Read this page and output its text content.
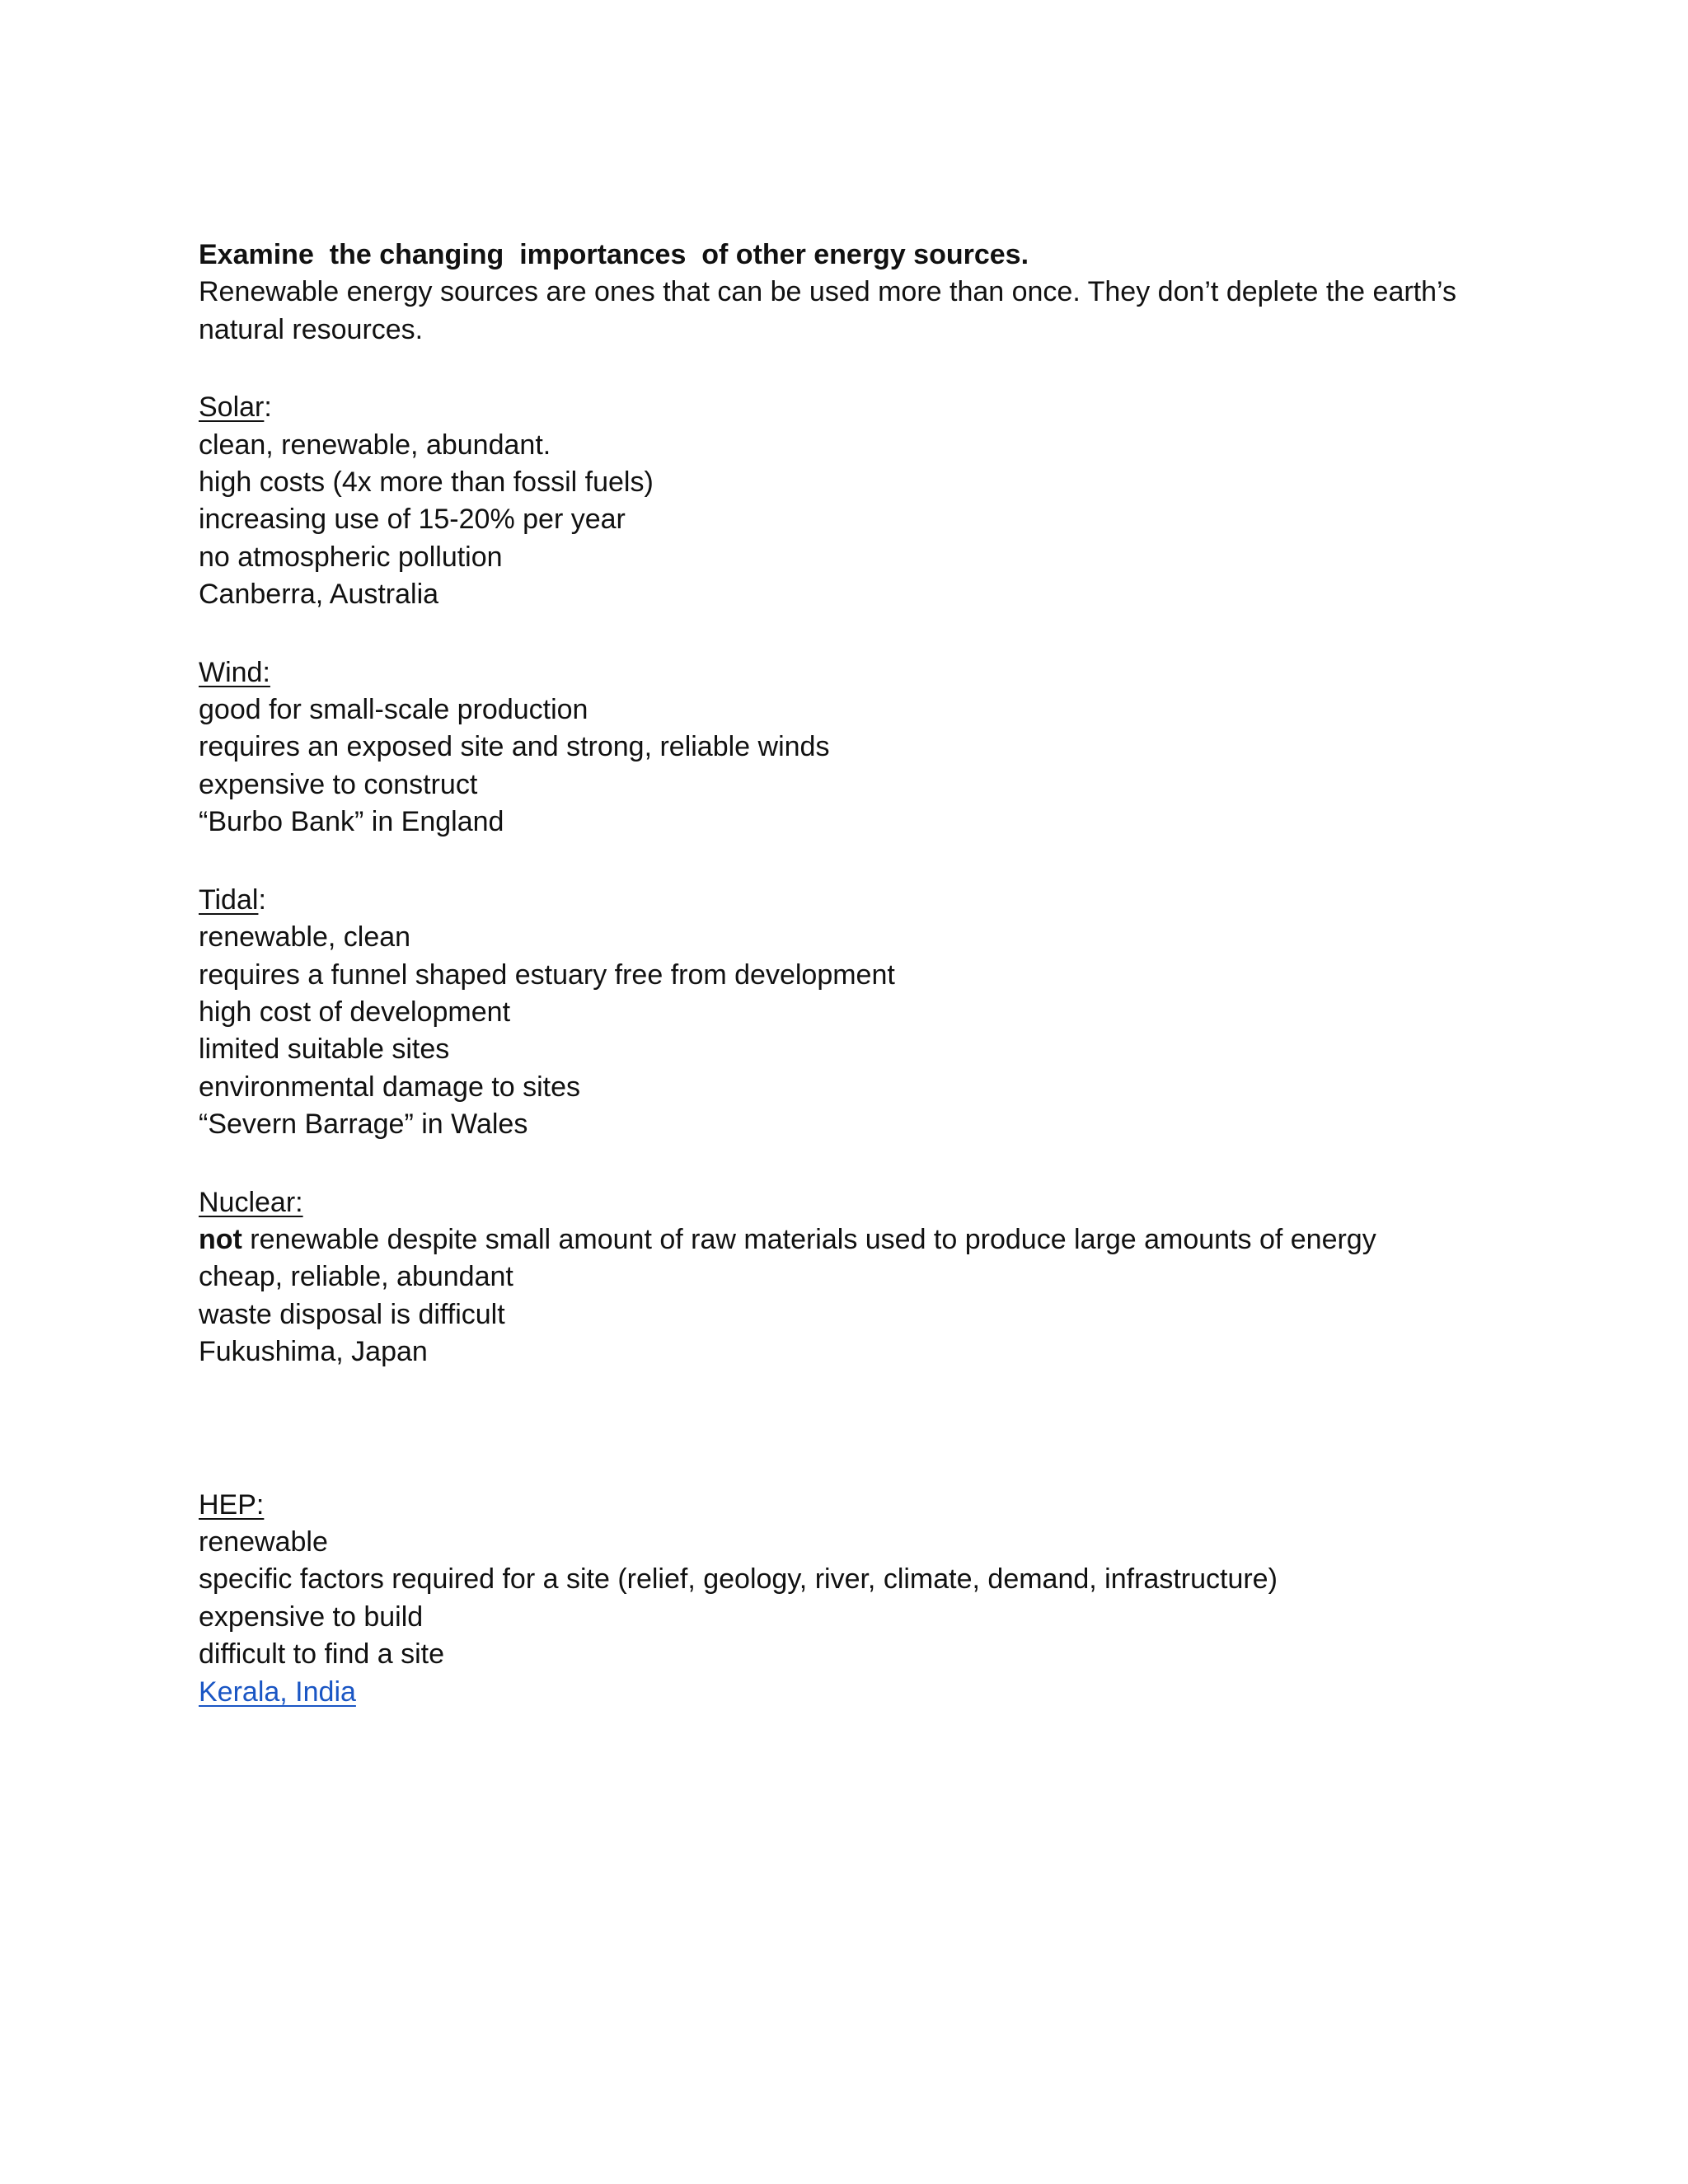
Examine  the changing  importances  of other energy sources.
Renewable energy sources are ones that can be used more than once. They don’t deplete the earth’s
natural resources.
Solar:
clean, renewable, abundant.
high costs (4x more than fossil fuels)
increasing use of 15-20% per year
no atmospheric pollution
Canberra, Australia
Wind:
good for small-scale production
requires an exposed site and strong, reliable winds
expensive to construct
“Burbo Bank” in England
Tidal:
renewable, clean
requires a funnel shaped estuary free from development
high cost of development
limited suitable sites
environmental damage to sites
“Severn Barrage” in Wales
Nuclear:
not renewable despite small amount of raw materials used to produce large amounts of energy
cheap, reliable, abundant
waste disposal is difficult
Fukushima, Japan
HEP:
renewable
specific factors required for a site (relief, geology, river, climate, demand, infrastructure)
expensive to build
difficult to find a site
Kerala, India
